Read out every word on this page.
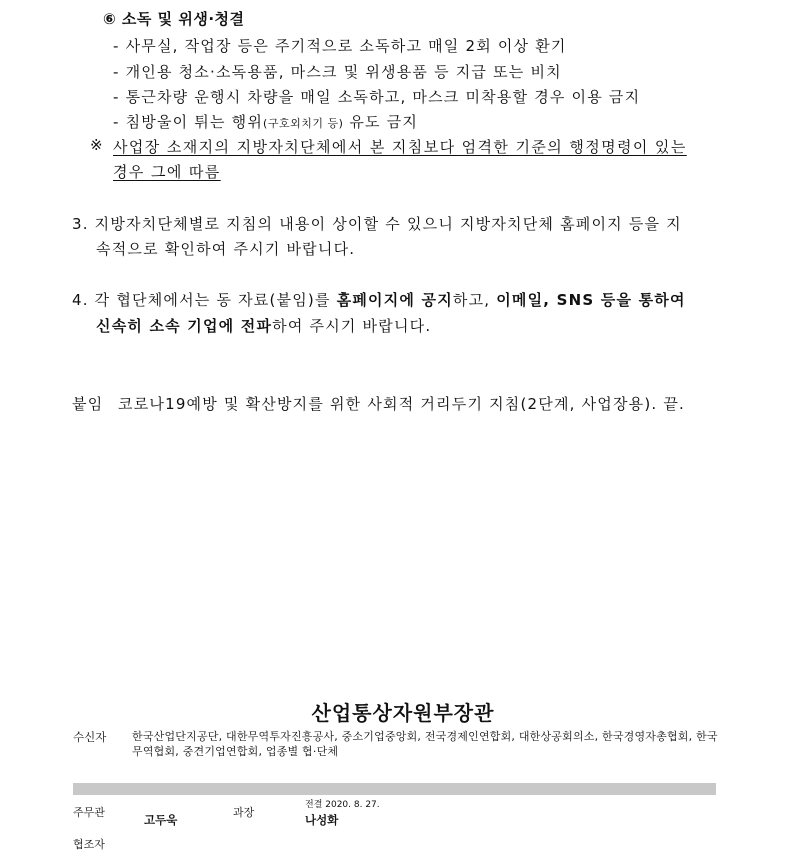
⑥ 소독 및 위생·청결
- 사무실, 작업장 등은 주기적으로 소독하고 매일 2회 이상 환기
- 개인용 청소·소독용품, 마스크 및 위생용품 등 지급 또는 비치
- 통근차량 운행시 차량을 매일 소독하고, 마스크 미착용할 경우 이용 금지
- 침방울이 튀는 행위(구호외치기 등) 유도 금지
※ 사업장 소재지의 지방자치단체에서 본 지침보다 엄격한 기준의 행정명령이 있는
경우 그에 따름
3. 지방자치단체별로 지침의 내용이 상이할 수 있으니 지방자치단체 홈페이지 등을 지
속적으로 확인하여 주시기 바랍니다.
4. 각 협단체에서는 동 자료(붙임)를 홈페이지에 공지하고, 이메일, SNS 등을 통하여
신속히 소속 기업에 전파하여 주시기 바랍니다.
붙임 코로나19예방 및 확산방지를 위한 사회적 거리두기 지침(2단계, 사업장용). 끝.
산업통상자원부장관
수신자 한국산업단지공단, 대한무역투자진흥공사, 중소기업중앙회, 전국경제인연합회, 대한상공회의소, 한국경영자총협회, 한국무역협회, 중견기업연합회, 업종별 협·단체
주무관
고두욱
과장
전결 2020. 8. 27.
나성화
협조자
